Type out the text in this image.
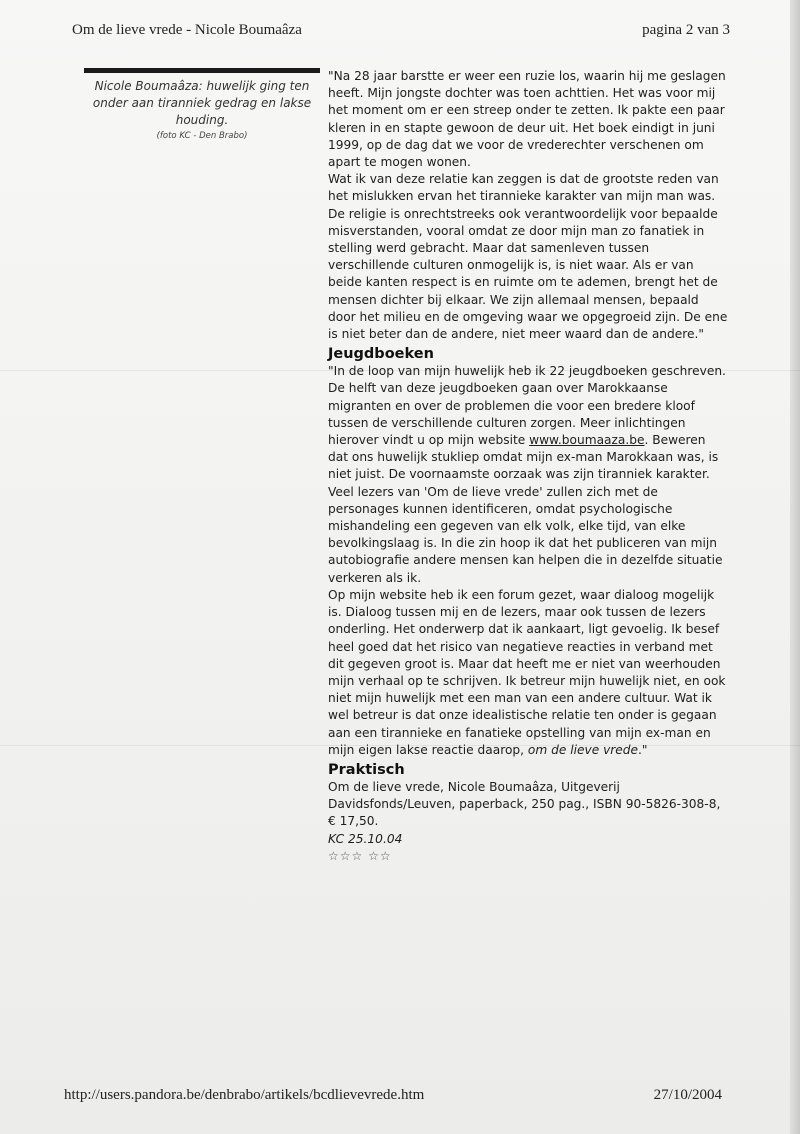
Om de lieve vrede - Nicole Boumaâza	pagina 2 van 3
Nicole Boumaâza: huwelijk ging ten onder aan tiranniek gedrag en lakse houding.
(foto KC - Den Brabo)

"Na 28 jaar barstte er weer een ruzie los, waarin hij me geslagen heeft. Mijn jongste dochter was toen achttien. Het was voor mij het moment om er een streep onder te zetten. Ik pakte een paar kleren in en stapte gewoon de deur uit. Het boek eindigt in juni 1999, op de dag dat we voor de vrederechter verschenen om apart te mogen wonen.

Wat ik van deze relatie kan zeggen is dat de grootste reden van het mislukken ervan het tirannieke karakter van mijn man was. De religie is onrechtstreeks ook verantwoordelijk voor bepaalde misverstanden, vooral omdat ze door mijn man zo fanatiek in stelling werd gebracht. Maar dat samenleven tussen verschillende culturen onmogelijk is, is niet waar. Als er van beide kanten respect is en ruimte om te ademen, brengt het de mensen dichter bij elkaar. We zijn allemaal mensen, bepaald door het milieu en de omgeving waar we opgegroeid zijn. De ene is niet beter dan de andere, niet meer waard dan de andere."

Jeugdboeken

"In de loop van mijn huwelijk heb ik 22 jeugdboeken geschreven. De helft van deze jeugdboeken gaan over Marokkaanse migranten en over de problemen die voor een bredere kloof tussen de verschillende culturen zorgen. Meer inlichtingen hierover vindt u op mijn website www.boumaaza.be. Beweren dat ons huwelijk stukliep omdat mijn ex-man Marokkaan was, is niet juist. De voornaamste oorzaak was zijn tiranniek karakter. Veel lezers van 'Om de lieve vrede' zullen zich met de personages kunnen identificeren, omdat psychologische mishandeling een gegeven van elk volk, elke tijd, van elke bevolkingslaag is. In die zin hoop ik dat het publiceren van mijn autobiografie andere mensen kan helpen die in dezelfde situatie verkeren als ik.

Op mijn website heb ik een forum gezet, waar dialoog mogelijk is. Dialoog tussen mij en de lezers, maar ook tussen de lezers onderling. Het onderwerp dat ik aankaart, ligt gevoelig. Ik besef heel goed dat het risico van negatieve reacties in verband met dit gegeven groot is. Maar dat heeft me er niet van weerhouden mijn verhaal op te schrijven. Ik betreur mijn huwelijk niet, en ook niet mijn huwelijk met een man van een andere cultuur. Wat ik wel betreur is dat onze idealistische relatie ten onder is gegaan aan een tirannieke en fanatieke opstelling van mijn ex-man en mijn eigen lakse reactie daarop, om de lieve vrede."

Praktisch

Om de lieve vrede, Nicole Boumaâza, Uitgeverij Davidsfonds/Leuven, paperback, 250 pag., ISBN 90-5826-308-8, € 17,50.

KC 25.10.04

☆☆☆ ☆☆

http://users.pandora.be/denbrabo/artikels/bcdlievevrede.htm	27/10/2004
